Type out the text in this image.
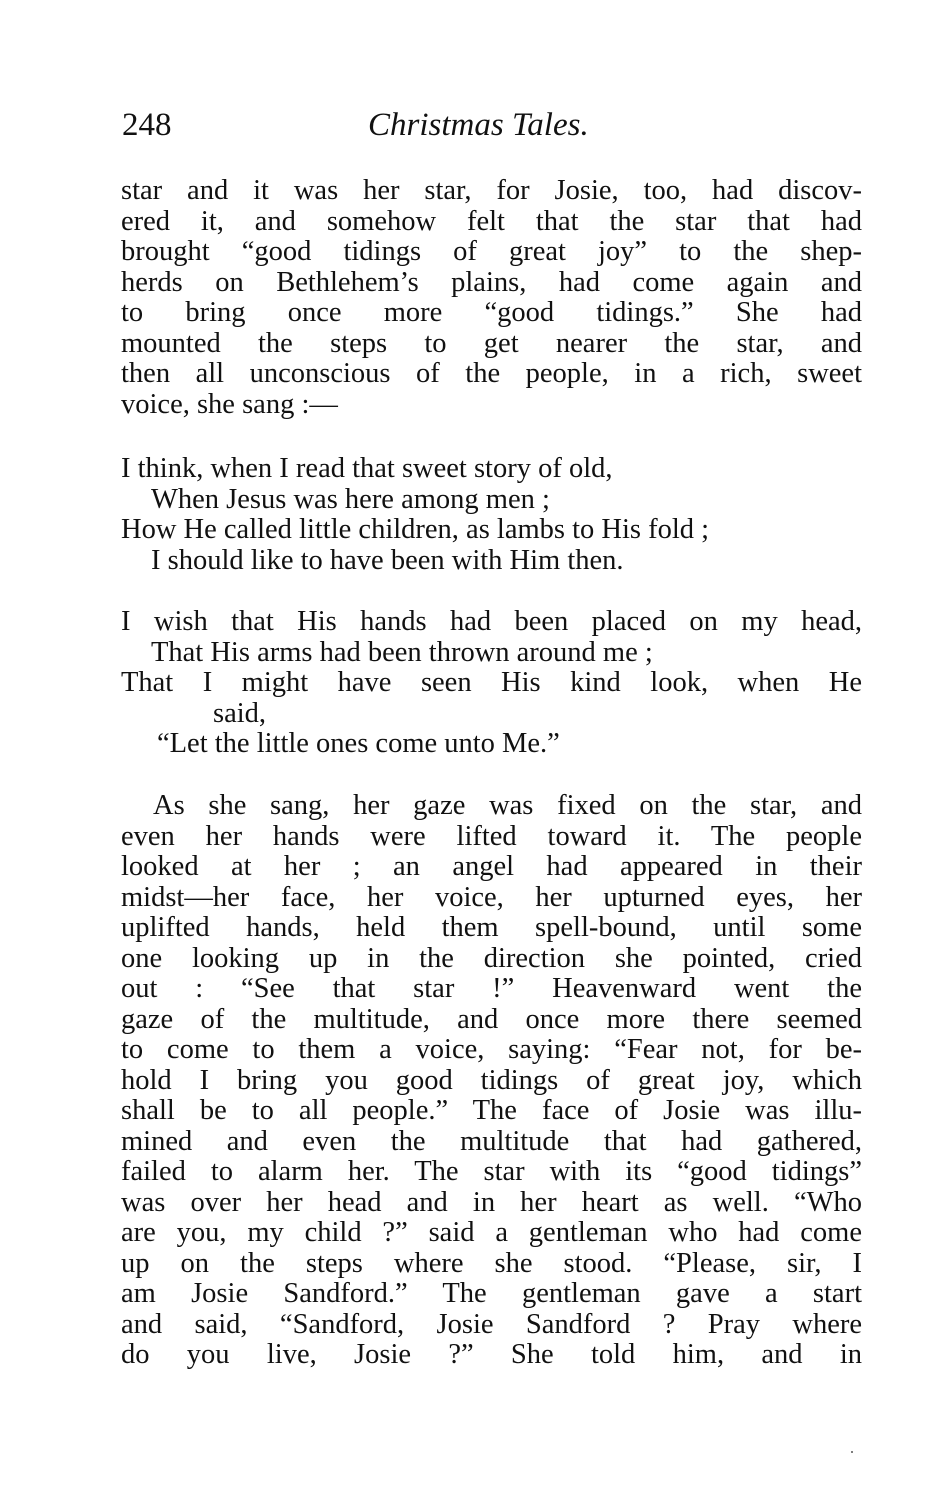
248	Christmas Tales.
star and it was her star, for Josie, too, had discov-
ered it, and somehow felt that the star that had
brought “good tidings of great joy” to the shep-
herds on Bethlehem’s plains, had come again and
to bring once more “good tidings.” She had
mounted the steps to get nearer the star, and
then all unconscious of the people, in a rich, sweet
voice, she sang :—
I think, when I read that sweet story of old,
When Jesus was here among men ;
How He called little children, as lambs to His fold ;
I should like to have been with Him then.
I wish that His hands had been placed on my head,
That His arms had been thrown around me ;
That I might have seen His kind look, when He
said,
“Let the little ones come unto Me.”
As she sang, her gaze was fixed on the star, and
even her hands were lifted toward it. The people
looked at her ; an angel had appeared in their
midst—her face, her voice, her upturned eyes, her
uplifted hands, held them spell-bound, until some
one looking up in the direction she pointed, cried
out : “See that star !” Heavenward went the
gaze of the multitude, and once more there seemed
to come to them a voice, saying: “Fear not, for be-
hold I bring you good tidings of great joy, which
shall be to all people.” The face of Josie was illu-
mined and even the multitude that had gathered,
failed to alarm her. The star with its “good tidings”
was over her head and in her heart as well. “Who
are you, my child ?” said a gentleman who had come
up on the steps where she stood. “Please, sir, I
am Josie Sandford.” The gentleman gave a start
and said, “Sandford, Josie Sandford ? Pray where
do you live, Josie ?” She told him, and in
